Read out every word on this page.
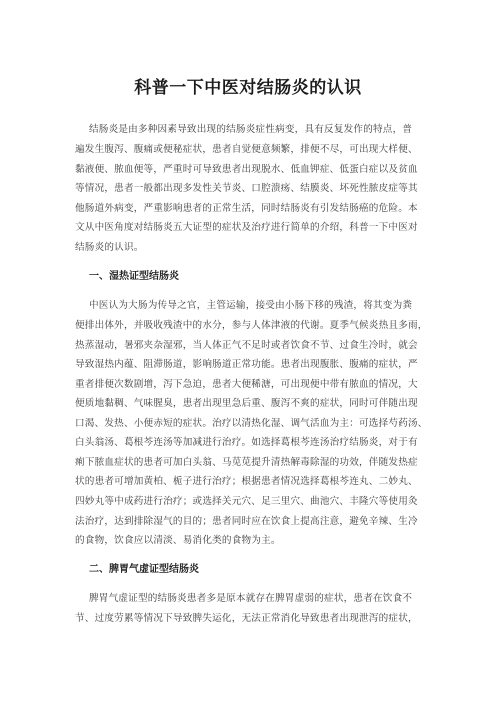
科普一下中医对结肠炎的认识
结肠炎是由多种因素导致出现的结肠炎症性病变，具有反复发作的特点，普
遍发生腹泻、腹痛或便秘症状，患者自觉便意频繁，排便不尽，可出现大样便、
黏液便、脓血便等，严重时可导致患者出现脱水、低血钾症、低蛋白症以及贫血
等情况，患者一般都出现多发性关节炎、口腔溃疡、结膜炎、坏死性脓皮症等其
他肠道外病变，严重影响患者的正常生活，同时结肠炎有引发结肠癌的危险。本
文从中医角度对结肠炎五大证型的症状及治疗进行简单的介绍，科普一下中医对
结肠炎的认识。
一、湿热证型结肠炎
中医认为大肠为传导之官，主管运输，接受由小肠下移的残渣，将其变为粪
便排出体外，并吸收残渣中的水分，参与人体津液的代谢。夏季气候炎热且多雨，
热蒸湿动，暑邪夹杂湿邪，当人体正气不足时或者饮食不节、过食生冷时，就会
导致湿热内蕴、阻滞肠道，影响肠道正常功能。患者出现腹胀、腹痛的症状，严
重者排便次数剧增，泻下急迫，患者大便稀溏，可出现便中带有脓血的情况，大
便质地黏稠、气味腥臭，患者出现里急后重、腹泻不爽的症状，同时可伴随出现
口渴、发热、小便赤短的症状。治疗以清热化湿、调气活血为主：可选择芍药汤、
白头翁汤、葛根芩连汤等加减进行治疗。如选择葛根芩连汤治疗结肠炎，对于有
痢下脓血症状的患者可加白头翁、马苋苋提升清热解毒除湿的功效，伴随发热症
状的患者可增加黄柏、栀子进行治疗；根据患者情况选择葛根芩连丸、二妙丸、
四妙丸等中成药进行治疗；或选择关元穴、足三里穴、曲池穴、丰隆穴等使用灸
法治疗，达到排除湿气的目的；患者同时应在饮食上提高注意，避免辛辣、生冷
的食物，饮食应以清淡、易消化类的食物为主。
二、脾胃气虚证型结肠炎
脾胃气虚证型的结肠炎患者多是原本就存在脾胃虚弱的症状，患者在饮食不
节、过度劳累等情况下导致脾失运化，无法正常消化导致患者出现泄泻的症状，
